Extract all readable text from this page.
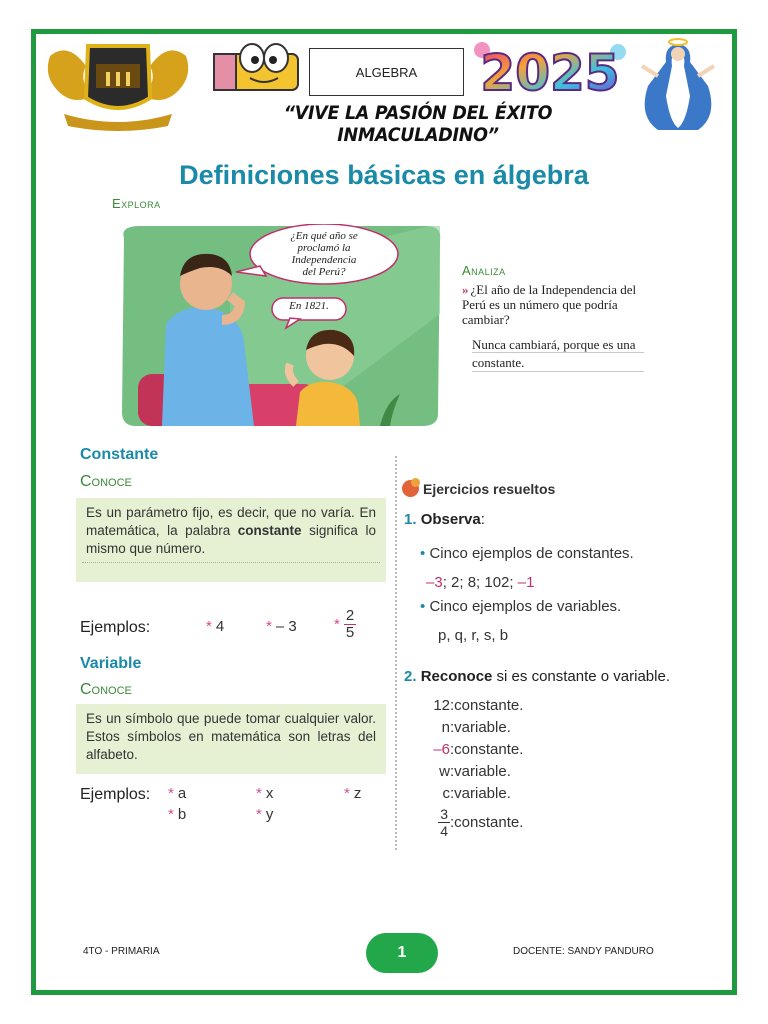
ALGEBRA 2025
“VIVE LA PASIÓN DEL ÉXITO INMACULADINO”
Definiciones básicas en álgebra
Explora
¿En qué año se
proclamó la
Independencia
del Perú?
En 1821.
Analiza
» ¿El año de la Independencia del Perú es un número que podría cambiar?
Nunca cambiará, porque es una constante.
Constante
Conoce
Es un parámetro fijo, es decir, que no varía. En matemática, la palabra constante significa lo mismo que número.
Ejemplos:	* 4	* – $3 * \frac{2}{5}$
Variable
Conoce
Es un símbolo que puede tomar cualquier valor. Estos símbolos en matemática son letras del alfabeto.
Ejemplos: * a	* x	* z
* b	* y
Ejercicios resueltos
1. Observa:
• Cinco ejemplos de constantes.
–3; 2; 8; 102; –1
• Cinco ejemplos de variables.
p, q, r, s, b
2. Reconoce si es constante o variable.
12 :constante.
n :variable.
–6 :constante.
w :variable.
c :variable.
$\frac{3}{4}$ :constante.
4TO - PRIMARIA	1	DOCENTE: SANDY PANDURO
